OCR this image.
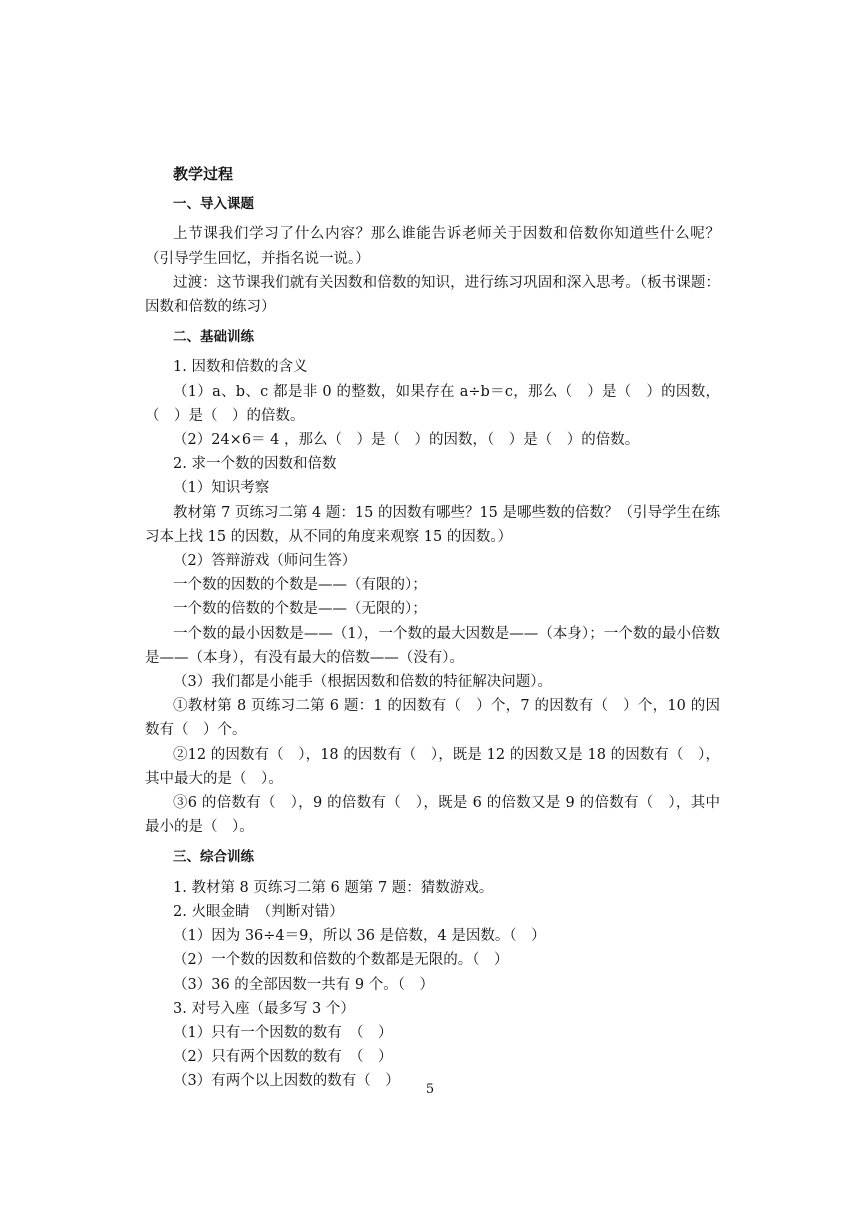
教学过程
一、导入课题

上节课我们学习了什么内容？那么谁能告诉老师关于因数和倍数你知道些什么呢？（引导学生回忆，并指名说一说。）

过渡：这节课我们就有关因数和倍数的知识，进行练习巩固和深入思考。（板书课题：因数和倍数的练习）

二、基础训练

1. 因数和倍数的含义

（1）a、b、c 都是非 0 的整数，如果存在 a÷b＝c，那么（　）是（　）的因数，（　）是（　）的倍数。

（2）24×6＝ 4 ，那么（　）是（　）的因数，（　）是（　）的倍数。

2. 求一个数的因数和倍数

（1）知识考察

教材第 7 页练习二第 4 题：15 的因数有哪些？15 是哪些数的倍数？（引导学生在练习本上找 15 的因数，从不同的角度来观察 15 的因数。）

（2）答辩游戏（师问生答）

一个数的因数的个数是——（有限的）；

一个数的倍数的个数是——（无限的）；

一个数的最小因数是——（1），一个数的最大因数是——（本身）；一个数的最小倍数是——（本身），有没有最大的倍数——（没有）。

（3）我们都是小能手（根据因数和倍数的特征解决问题）。

①教材第 8 页练习二第 6 题：1 的因数有（　）个，7 的因数有（　）个，10 的因数有（　）个。

②12 的因数有（　），18 的因数有（　），既是 12 的因数又是 18 的因数有（　），其中最大的是（　）。

③6 的倍数有（　），9 的倍数有（　），既是 6 的倍数又是 9 的倍数有（　），其中最小的是（　）。

三、综合训练

1. 教材第 8 页练习二第 6 题第 7 题：猜数游戏。

2. 火眼金睛　（判断对错）

（1）因为 36÷4＝9，所以 36 是倍数，4 是因数。（　）

（2）一个数的因数和倍数的个数都是无限的。（　）

（3）36 的全部因数一共有 9 个。（　）

3. 对号入座（最多写 3 个）

（1）只有一个因数的数有　（　）

（2）只有两个因数的数有　（　）

（3）有两个以上因数的数有（　）

5
